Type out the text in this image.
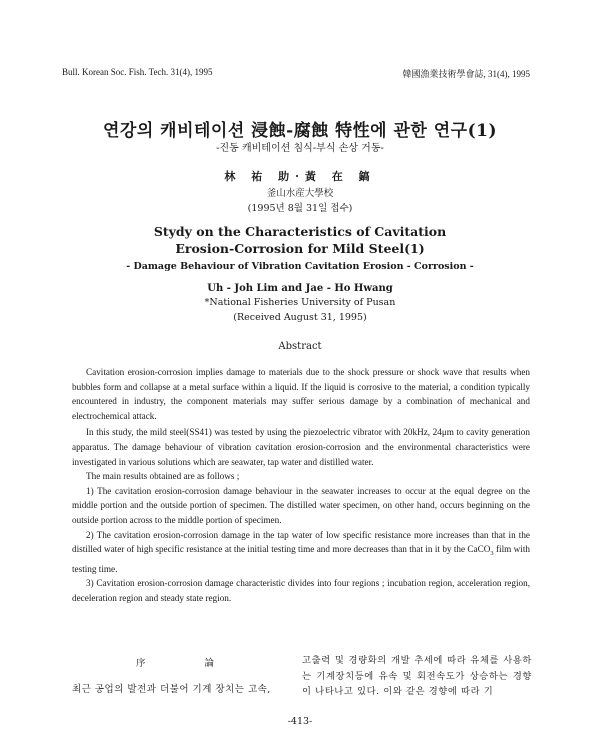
Bull. Korean Soc. Fish. Tech. 31(4), 1995	韓國漁業技術學會誌, 31(4), 1995
연강의 캐비테이션 浸蝕-腐蝕 特性에 관한 연구(1)
-진동 캐비테이션 침식-부식 손상 거동-
林 祐 助·黃 在 鎬
釜山水産大學校
(1995년 8월 31일 접수)
Stydy on the Characteristics of Cavitation
Erosion-Corrosion for Mild Steel(1)
- Damage Behaviour of Vibration Cavitation Erosion - Corrosion -
Uh - Joh Lim and Jae - Ho Hwang
*National Fisheries University of Pusan
(Received August 31, 1995)
Abstract

Cavitation erosion-corrosion implies damage to materials due to the shock pressure or shock wave that results when bubbles form and collapse at a metal surface within a liquid. If the liquid is corrosive to the material, a condition typically encountered in industry, the component materials may suffer serious damage by a combination of mechanical and electrochemical attack.

In this study, the mild steel(SS41) was tested by using the piezoelectric vibrator with 20kHz, 24μm to cavity generation apparatus. The damage behaviour of vibration cavitation erosion-corrosion and the environmental characteristics were investigated in various solutions which are seawater, tap water and distilled water.

The main results obtained are as follows ;

1) The cavitation erosion-corrosion damage behaviour in the seawater increases to occur at the equal degree on the middle portion and the outside portion of specimen. The distilled water specimen, on other hand, occurs beginning on the outside portion across to the middle portion of specimen.

2) The cavitation erosion-corrosion damage in the tap water of low specific resistance more increases than that in the distilled water of high specific resistance at the initial testing time and more decreases than that in it by the CaCO$_3$ film with testing time.

3) Cavitation erosion-corrosion damage characteristic divides into four regions ; incubation region, acceleration region, deceleration region and steady state region.

序 論
최근 공업의 발전과 더불어 기계 장치는 고속,
고출력 및 경량화의 개발 추세에 따라 유체를 사용하는 기계장치등에 유속 및 회전속도가 상승하는 경향이 나타나고 있다. 이와 같은 경향에 따라 기
-413-
